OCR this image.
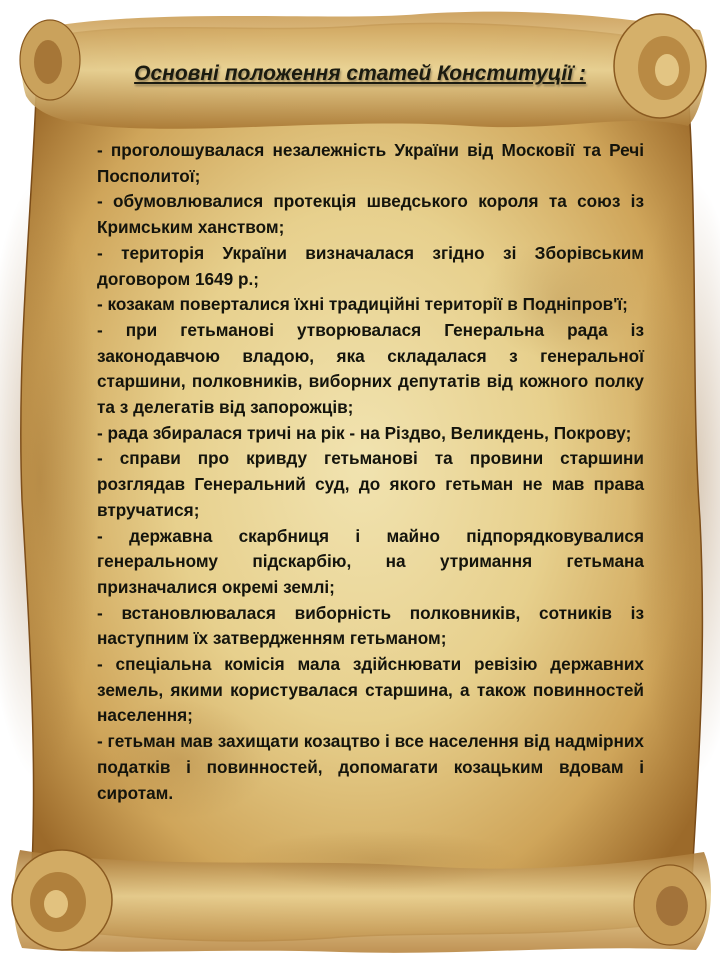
Основні положення статей Конституції :
- проголошувалася незалежність України від Московії та Речі Посполитої;
- обумовлювалися протекція шведського короля та союз із Кримським ханством;
- територія України визначалася згідно зі Зборівським договором 1649 р.;
- козакам поверталися їхні традиційні території в Подніпров'ї;
- при гетьманові утворювалася Генеральна рада із законодавчою владою, яка складалася з генеральної старшини, полковників, виборних депутатів від кожного полку та з делегатів від запорожців;
- рада збиралася тричі на рік - на Різдво, Великдень, Покрову;
- справи про кривду гетьманові та провини старшини розглядав Генеральний суд, до якого гетьман не мав права втручатися;
- державна скарбниця і майно підпорядковувалися генеральному підскарбію, на утримання гетьмана призначалися окремі землі;
- встановлювалася виборність полковників, сотників із наступним їх затвердженням гетьманом;
- спеціальна комісія мала здійснювати ревізію державних земель, якими користувалася старшина, а також повинностей населення;
- гетьман мав захищати козацтво і все населення від надмірних податків і повинностей, допомагати козацьким вдовам і сиротам.
